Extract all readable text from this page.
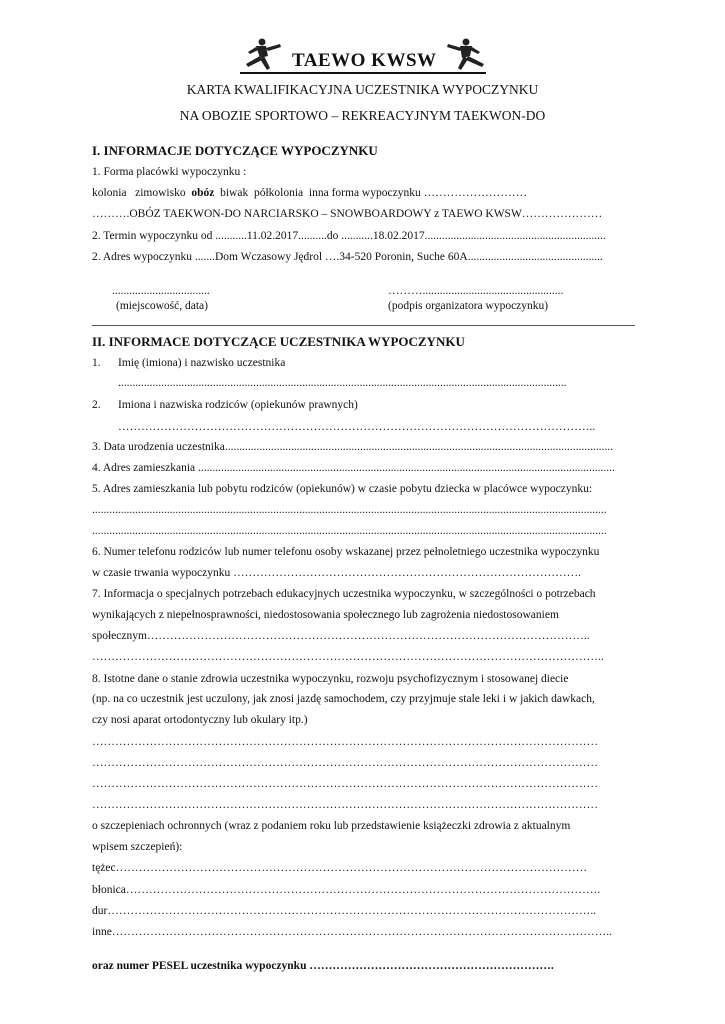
TAEWO KWSW
KARTA KWALIFIKACYJNA UCZESTNIKA WYPOCZYNKU
NA OBOZIE SPORTOWO – REKREACYJNYM TAEKWON-DO
I. INFORMACJE DOTYCZĄCE WYPOCZYNKU
1. Forma placówki wypoczynku :
kolonia zimowisko obóz biwak półkolonia inna forma wypoczynku ………………………
……….OBÓZ TAEKWON-DO NARCIARSKO – SNOWBOARDOWY z TAEWO KWSW…………………
2. Termin wypoczynku od ...........11.02.2017..........do ...........18.02.2017...............................................................
2. Adres wypoczynku .......Dom Wczasowy Jędrol ….34-520 Poronin, Suche 60A...............................................
..................................
(miejscowość, data)
……….................................................
(podpis organizatora wypoczynku)
II. INFORMACE DOTYCZĄCE UCZESTNIKA WYPOCZYNKU
1. Imię (imiona) i nazwisko uczestnika
............................................................................................................................................................
2. Imiona i nazwiska rodziców (opiekunów prawnych)
……………………………………………………………………………………………………………..
3. Data urodzenia uczestnika.......................................................................................................................................
4. Adres zamieszkania .................................................................................................................................................
5. Adres zamieszkania lub pobytu rodziców (opiekunów) w czasie pobytu dziecka w placówce wypoczynku:
...................................................................................................................................................................................
...................................................................................................................................................................................
6. Numer telefonu rodziców lub numer telefonu osoby wskazanej przez pełnoletniego uczestnika wypoczynku
w czasie trwania wypoczynku ……………………………………………………………………………….
7. Informacja o specjalnych potrzebach edukacyjnych uczestnika wypoczynku, w szczególności o potrzebach
wynikających z niepełnosprawności, niedostosowania społecznego lub zagrożenia niedostosowaniem
społecznym……………………………………………………………………………………………………..
……………………………………………………………………………………………………………………..
8. Istotne dane o stanie zdrowia uczestnika wypoczynku, rozwoju psychofizycznym i stosowanej diecie
(np. na co uczestnik jest uczulony, jak znosi jazdę samochodem, czy przyjmuje stale leki i w jakich dawkach,
czy nosi aparat ortodontyczny lub okulary itp.)
……………………………………………………………………………………………………………………
……………………………………………………………………………………………………………………
……………………………………………………………………………………………………………………
……………………………………………………………………………………………………………………
o szczepieniach ochronnych (wraz z podaniem roku lub przedstawienie książeczki zdrowia z aktualnym
wpisem szczepień):
tężec……………………………………………………………………………………………………………
błonica…………………………………………………………………………………………………………….
dur………………………………………………………………………………………………………………..
inne…………………………………………………………………………………………………………………..
oraz numer PESEL uczestnika wypoczynku ……………………………………………………….
